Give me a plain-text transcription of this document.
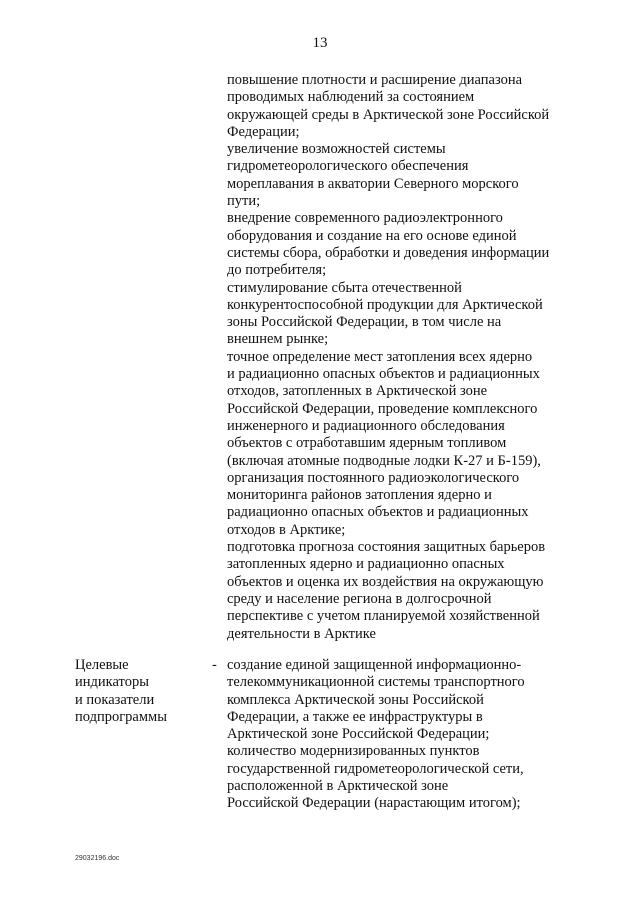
13
повышение плотности и расширение диапазона
проводимых наблюдений за состоянием
окружающей среды в Арктической зоне Российской
Федерации;
увеличение возможностей системы
гидрометеорологического обеспечения
мореплавания в акватории Северного морского
пути;
внедрение современного радиоэлектронного
оборудования и создание на его основе единой
системы сбора, обработки и доведения информации
до потребителя;
стимулирование сбыта отечественной
конкурентоспособной продукции для Арктической
зоны Российской Федерации, в том числе на
внешнем рынке;
точное определение мест затопления всех ядерно
и радиационно опасных объектов и радиационных
отходов, затопленных в Арктической зоне
Российской Федерации, проведение комплексного
инженерного и радиационного обследования
объектов с отработавшим ядерным топливом
(включая атомные подводные лодки К-27 и Б-159),
организация постоянного радиоэкологического
мониторинга районов затопления ядерно и
радиационно опасных объектов и радиационных
отходов в Арктике;
подготовка прогноза состояния защитных барьеров
затопленных ядерно и радиационно опасных
объектов и оценка их воздействия на окружающую
среду и население региона в долгосрочной
перспективе с учетом планируемой хозяйственной
деятельности в Арктике
Целевые
индикаторы
и показатели
подпрограммы
- создание единой защищенной информационно-
телекоммуникационной системы транспортного
комплекса Арктической зоны Российской
Федерации, а также ее инфраструктуры в
Арктической зоне Российской Федерации;
количество модернизированных пунктов
государственной гидрометеорологической сети,
расположенной в Арктической зоне
Российской Федерации (нарастающим итогом);
29032196.doc
